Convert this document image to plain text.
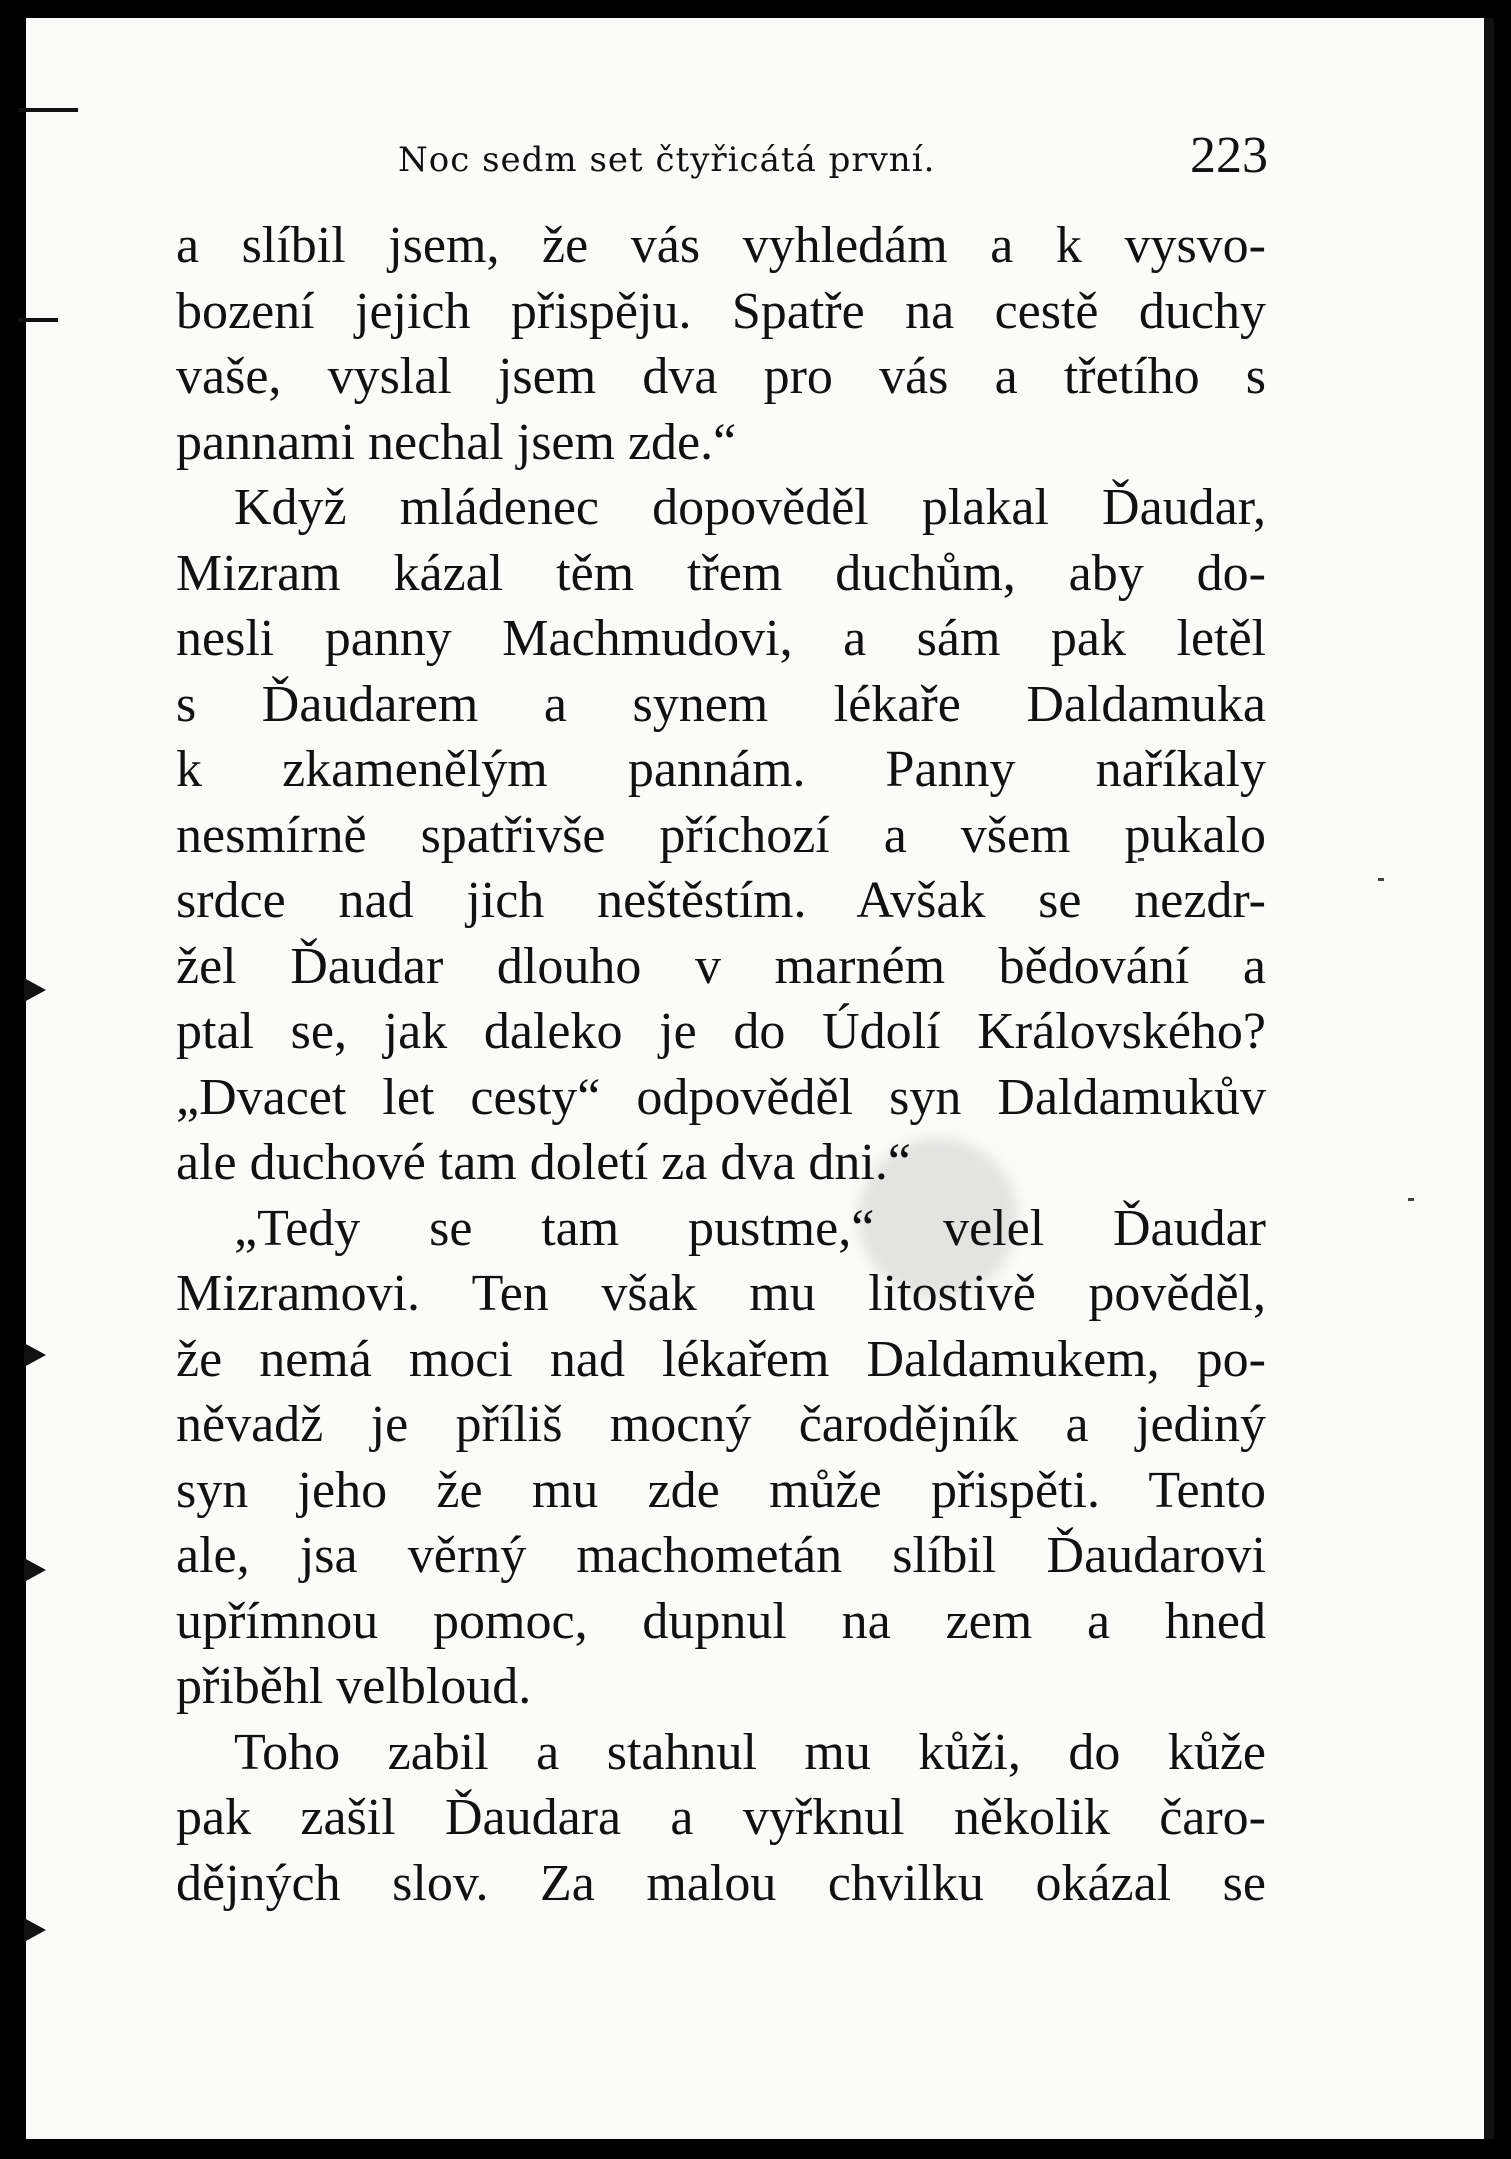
Noc sedm set čtyřicátá první.	223
a slíbil jsem, že vás vyhledám a k vysvo-
bození jejich přispěju. Spatře na cestě duchy
vaše, vyslal jsem dva pro vás a třetího s
pannami nechal jsem zde.“
Když mládenec dopověděl plakal Ďaudar,
Mizram kázal těm třem duchům, aby do-
nesli panny Machmudovi, a sám pak letěl
s Ďaudarem a synem lékaře Daldamuka
k zkamenělým pannám. Panny naříkaly
nesmírně spatřivše příchozí a všem pukalo
srdce nad jich neštěstím. Avšak se nezdr-
žel Ďaudar dlouho v marném bědování a
ptal se, jak daleko je do Údolí Královského?
„Dvacet let cesty“ odpověděl syn Daldamukův
ale duchové tam doletí za dva dni.“
„Tedy se tam pustme,“ velel Ďaudar
Mizramovi. Ten však mu litostivě pověděl,
že nemá moci nad lékařem Daldamukem, po-
něvadž je příliš mocný čarodějník a jediný
syn jeho že mu zde může přispěti. Tento
ale, jsa věrný machometán slíbil Ďaudarovi
upřímnou pomoc, dupnul na zem a hned
přiběhl velbloud.
Toho zabil a stahnul mu kůži, do kůže
pak zašil Ďaudara a vyřknul několik čaro-
dějných slov. Za malou chvilku okázal se
